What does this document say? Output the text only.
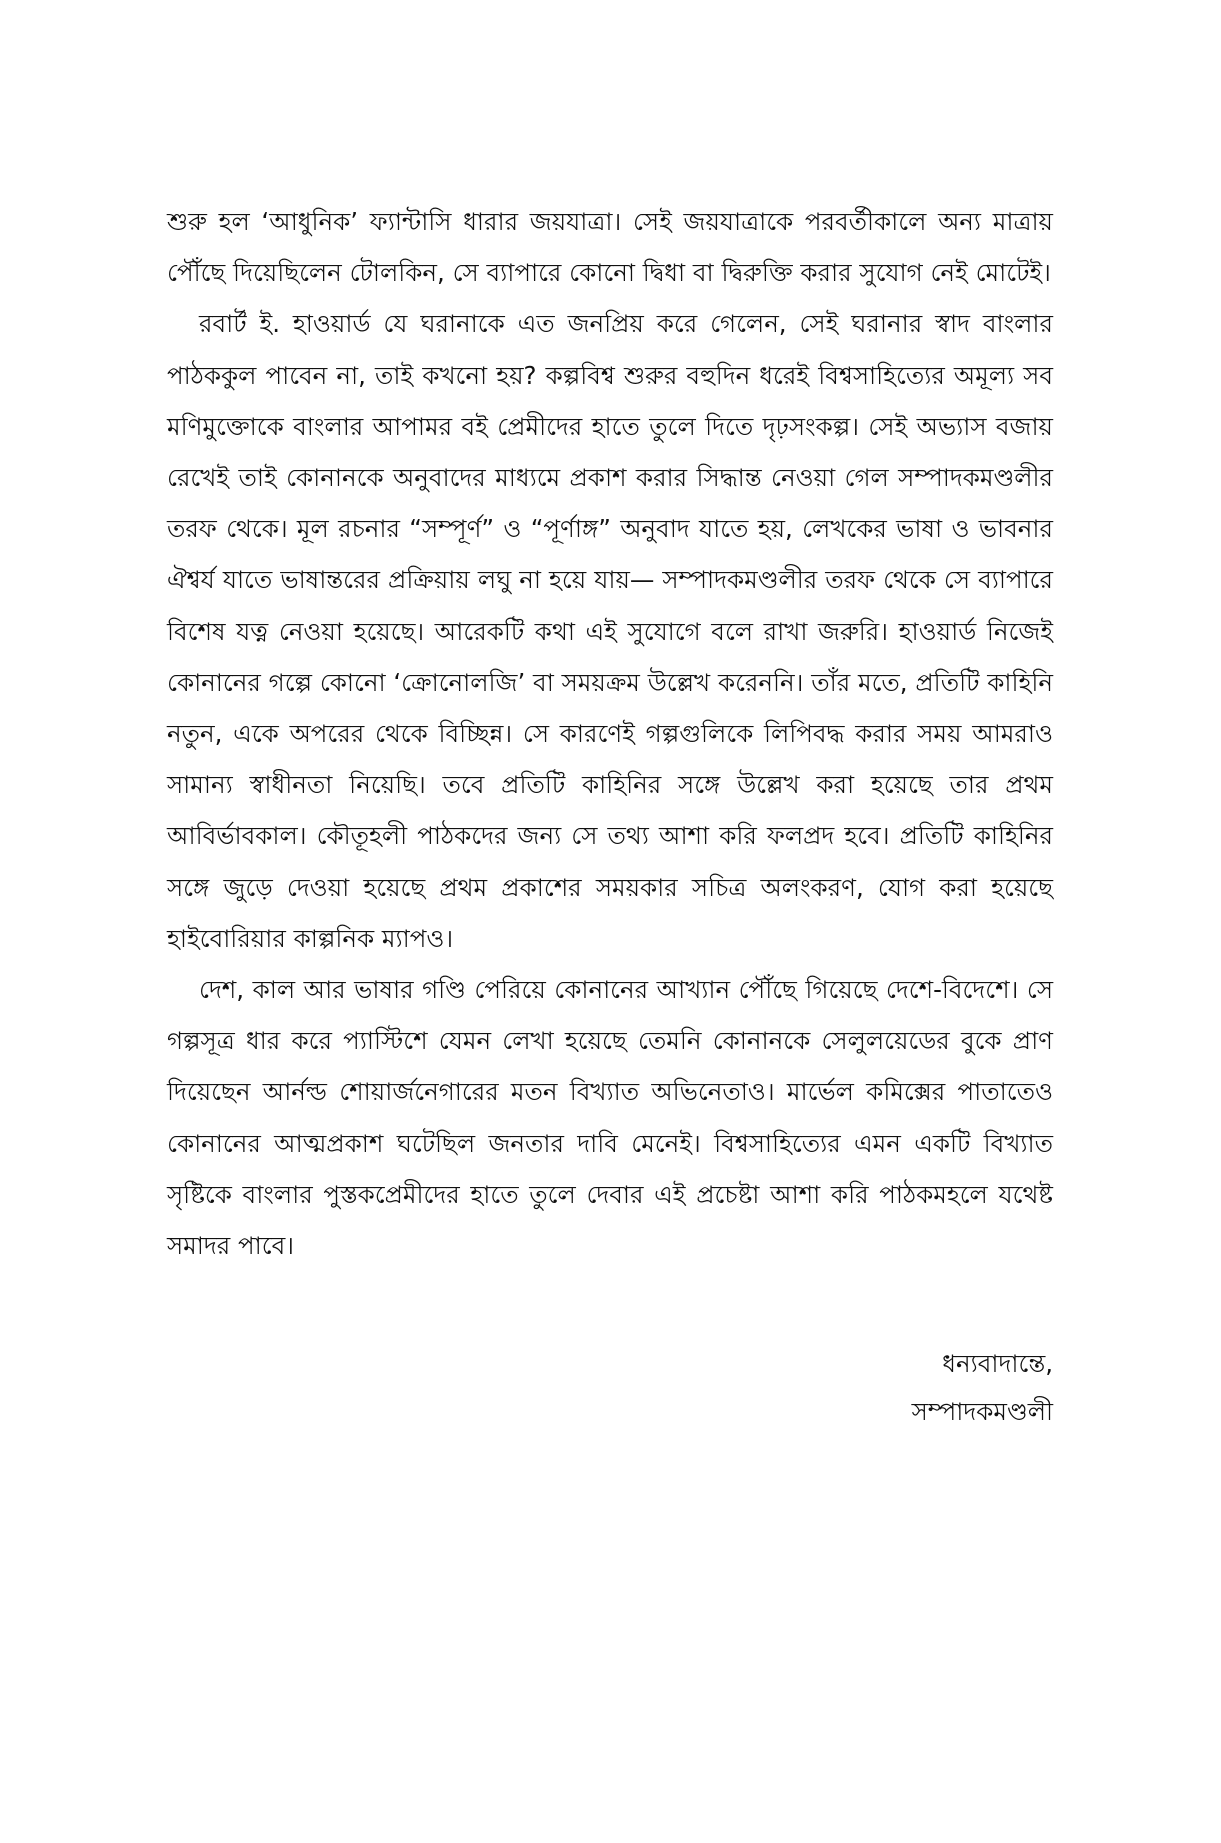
শুরু হল ‘আধুনিক’ ফ্যান্টাসি ধারার জয়যাত্রা। সেই জয়যাত্রাকে পরবর্তীকালে অন্য মাত্রায় পৌঁছে দিয়েছিলেন টোলকিন, সে ব্যাপারে কোনো দ্বিধা বা দ্বিরুক্তি করার সুযোগ নেই মোটেই।

রবার্ট ই. হাওয়ার্ড যে ঘরানাকে এত জনপ্রিয় করে গেলেন, সেই ঘরানার স্বাদ বাংলার পাঠককুল পাবেন না, তাই কখনো হয়? কল্পবিশ্ব শুরুর বহুদিন ধরেই বিশ্বসাহিত্যের অমূল্য সব মণিমুক্তোকে বাংলার আপামর বই প্রেমীদের হাতে তুলে দিতে দৃঢ়সংকল্প। সেই অভ্যাস বজায় রেখেই তাই কোনানকে অনুবাদের মাধ্যমে প্রকাশ করার সিদ্ধান্ত নেওয়া গেল সম্পাদকমণ্ডলীর তরফ থেকে। মূল রচনার “সম্পূর্ণ” ও “পূর্ণাঙ্গ” অনুবাদ যাতে হয়, লেখকের ভাষা ও ভাবনার ঐশ্বর্য যাতে ভাষান্তরের প্রক্রিয়ায় লঘু না হয়ে যায়— সম্পাদকমণ্ডলীর তরফ থেকে সে ব্যাপারে বিশেষ যত্ন নেওয়া হয়েছে। আরেকটি কথা এই সুযোগে বলে রাখা জরুরি। হাওয়ার্ড নিজেই কোনানের গল্পে কোনো ‘ক্রোনোলজি’ বা সময়ক্রম উল্লেখ করেননি। তাঁর মতে, প্রতিটি কাহিনি নতুন, একে অপরের থেকে বিচ্ছিন্ন। সে কারণেই গল্পগুলিকে লিপিবদ্ধ করার সময় আমরাও সামান্য স্বাধীনতা নিয়েছি। তবে প্রতিটি কাহিনির সঙ্গে উল্লেখ করা হয়েছে তার প্রথম আবির্ভাবকাল। কৌতূহলী পাঠকদের জন্য সে তথ্য আশা করি ফলপ্রদ হবে। প্রতিটি কাহিনির সঙ্গে জুড়ে দেওয়া হয়েছে প্রথম প্রকাশের সময়কার সচিত্র অলংকরণ, যোগ করা হয়েছে হাইবোরিয়ার কাল্পনিক ম্যাপও।

দেশ, কাল আর ভাষার গণ্ডি পেরিয়ে কোনানের আখ্যান পৌঁছে গিয়েছে দেশে-বিদেশে। সে গল্পসূত্র ধার করে প্যাস্টিশে যেমন লেখা হয়েছে তেমনি কোনানকে সেলুলয়েডের বুকে প্রাণ দিয়েছেন আর্নল্ড শোয়ার্জনেগারের মতন বিখ্যাত অভিনেতাও। মার্ভেল কমিক্সের পাতাতেও কোনানের আত্মপ্রকাশ ঘটেছিল জনতার দাবি মেনেই। বিশ্বসাহিত্যের এমন একটি বিখ্যাত সৃষ্টিকে বাংলার পুস্তকপ্রেমীদের হাতে তুলে দেবার এই প্রচেষ্টা আশা করি পাঠকমহলে যথেষ্ট সমাদর পাবে।

ধন্যবাদান্তে,
সম্পাদকমণ্ডলী
